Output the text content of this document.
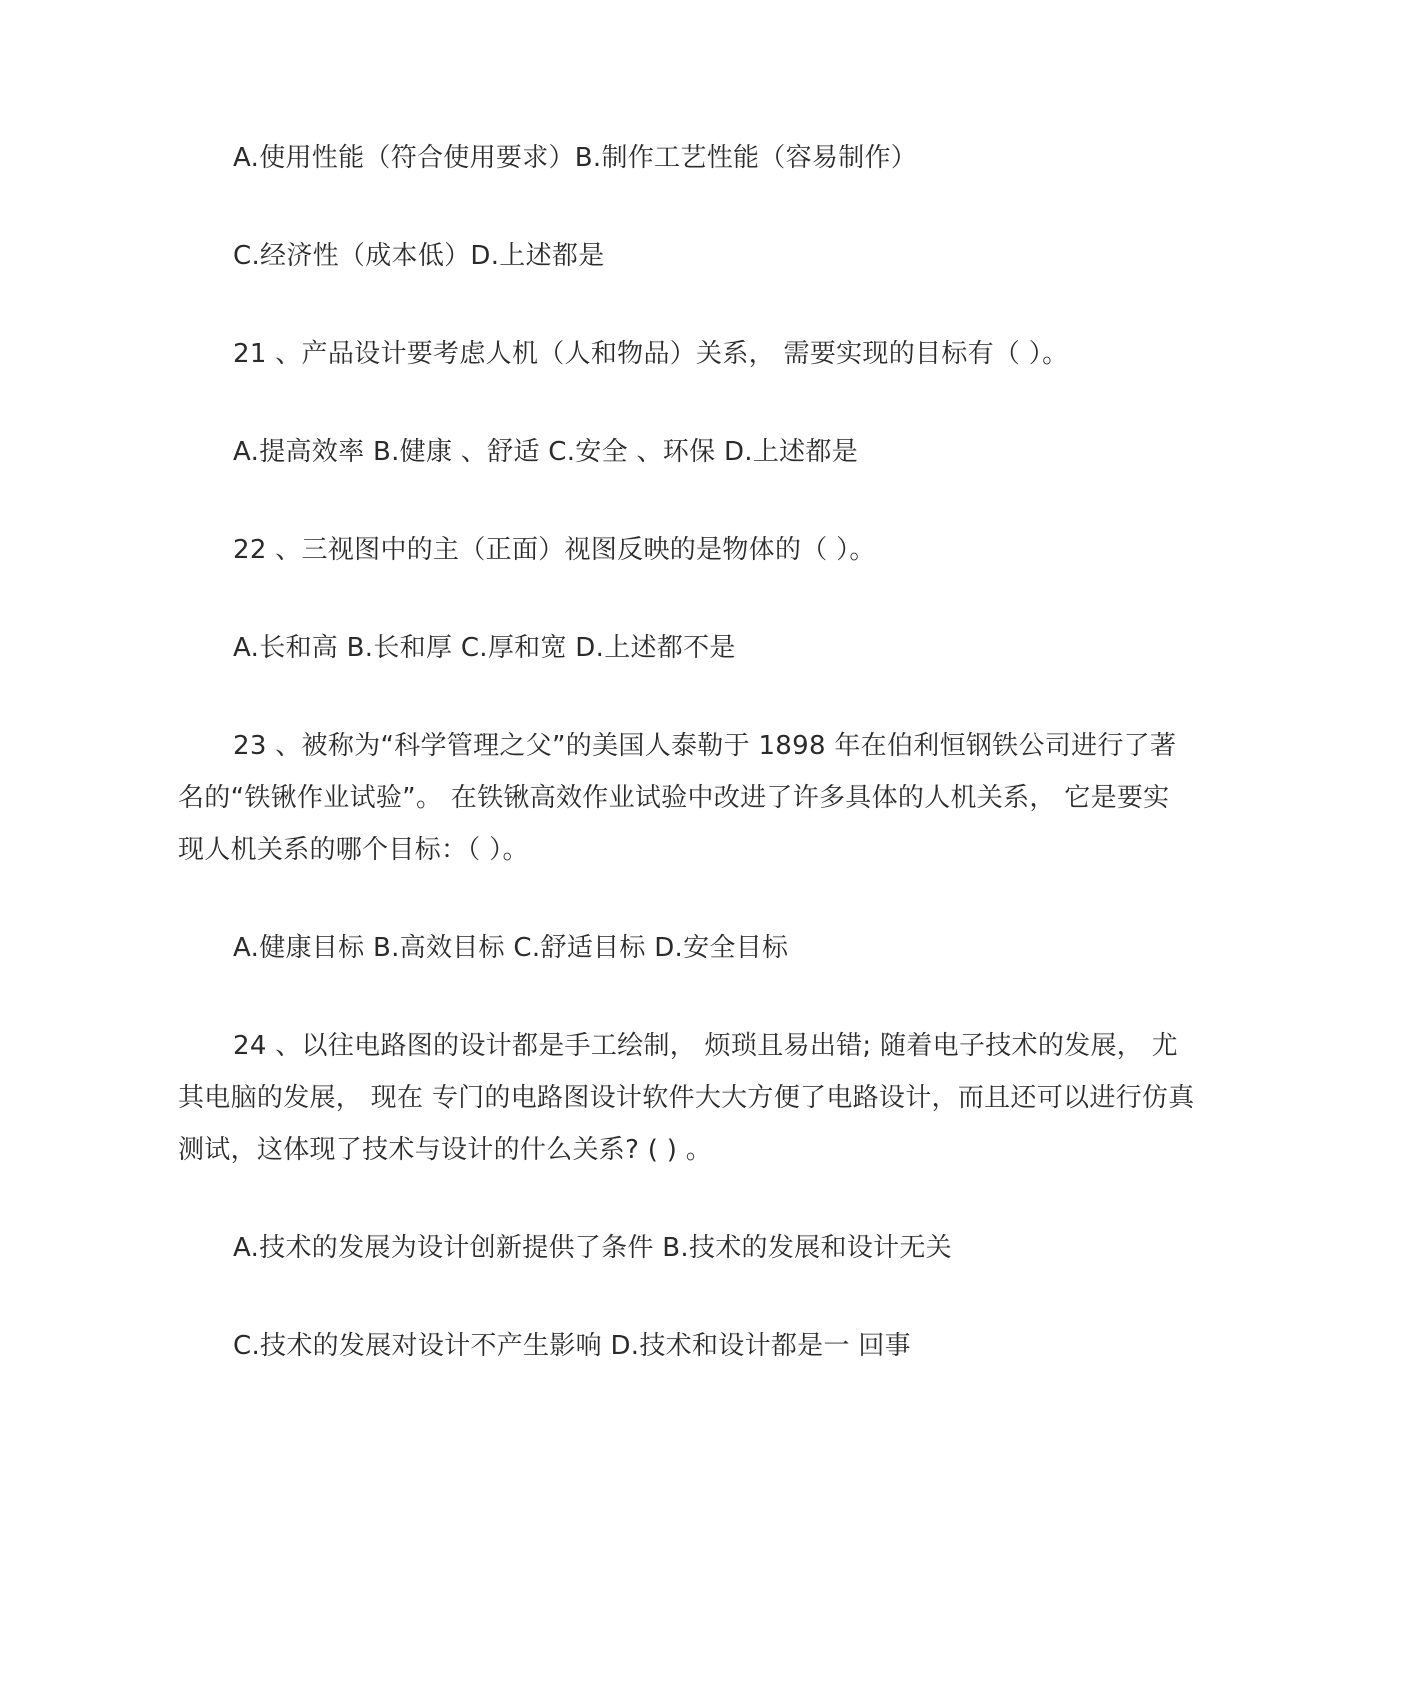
A.使用性能（符合使用要求）B.制作工艺性能（容易制作）
C.经济性（成本低）D.上述都是
21 、产品设计要考虑人机（人和物品）关系， 需要实现的目标有（ ）。
A.提高效率 B.健康 、舒适 C.安全 、环保 D.上述都是
22 、三视图中的主（正面）视图反映的是物体的（ ）。
A.长和高 B.长和厚 C.厚和宽 D.上述都不是
23 、被称为“科学管理之父”的美国人泰勒于 1898 年在伯利恒钢铁公司进行了著
名的“铁锹作业试验”。 在铁锹高效作业试验中改进了许多具体的人机关系， 它是要实
现人机关系的哪个目标：（ ）。
A.健康目标 B.高效目标 C.舒适目标 D.安全目标
24 、以往电路图的设计都是手工绘制， 烦琐且易出错; 随着电子技术的发展， 尤
其电脑的发展， 现在 专门的电路图设计软件大大方便了电路设计，而且还可以进行仿真
测试，这体现了技术与设计的什么关系? ( ) 。
A.技术的发展为设计创新提供了条件 B.技术的发展和设计无关
C.技术的发展对设计不产生影响 D.技术和设计都是一 回事
